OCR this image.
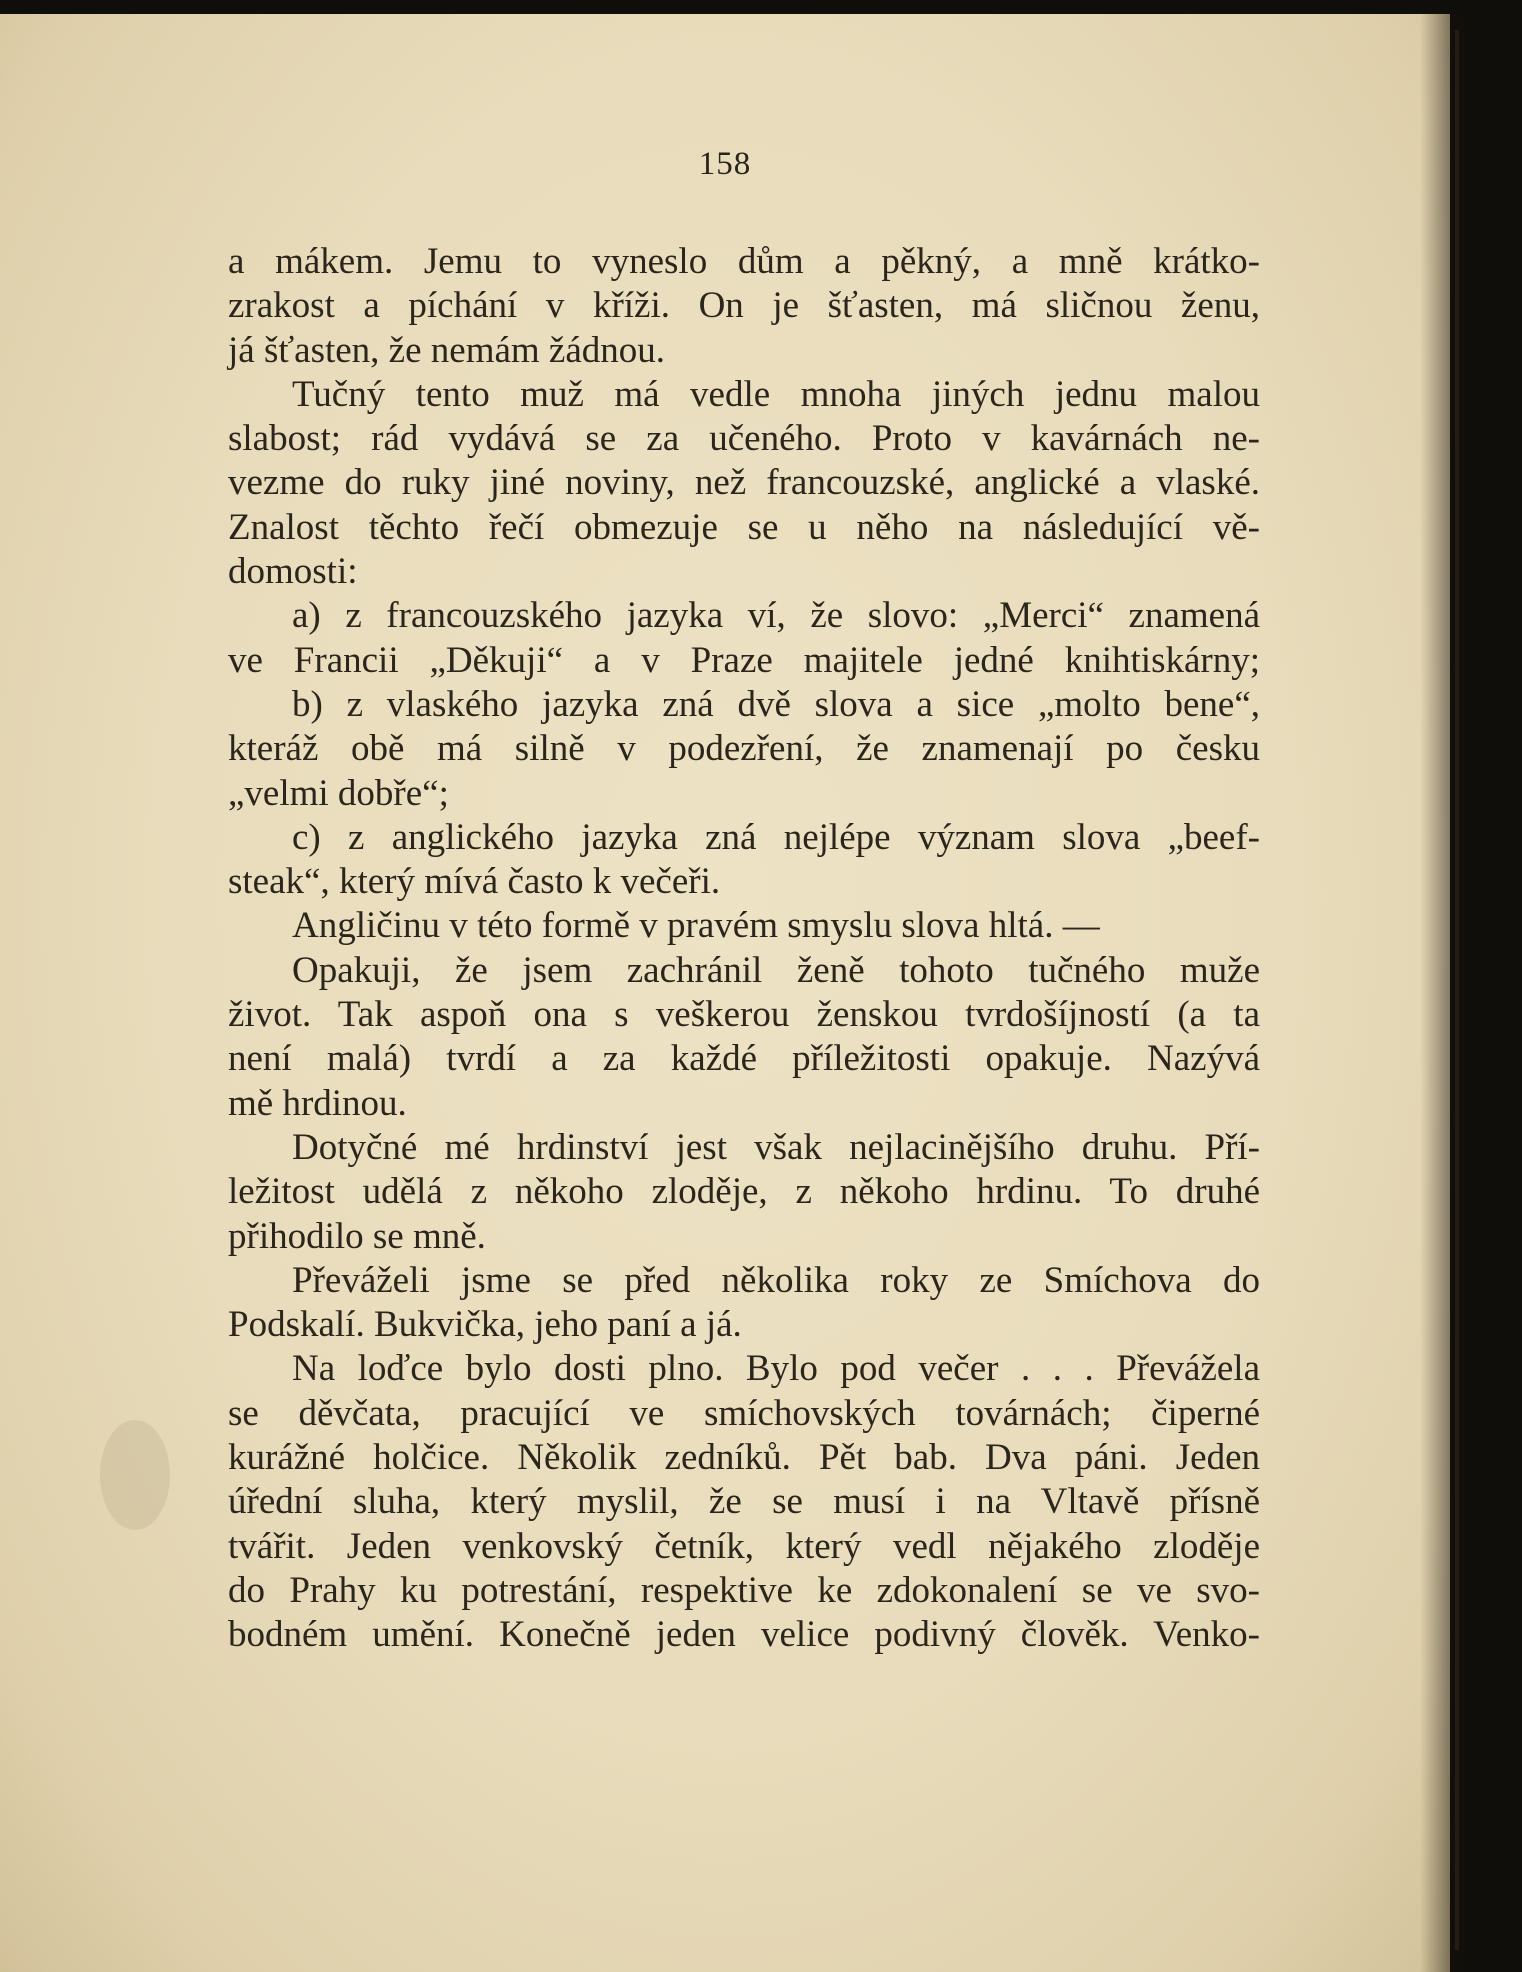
158
a mákem. Jemu to vyneslo dům a pěkný, a mně krátko-
zrakost a píchání v kříži. On je šťasten, má sličnou ženu,
já šťasten, že nemám žádnou.
Tučný tento muž má vedle mnoha jiných jednu malou
slabost; rád vydává se za učeného. Proto v kavárnách ne-
vezme do ruky jiné noviny, než francouzské, anglické a vlaské.
Znalost těchto řečí obmezuje se u něho na následující vě-
domosti:
a) z francouzského jazyka ví, že slovo: „Merci“ znamená
ve Francii „Děkuji“ a v Praze majitele jedné knihtiskárny;
b) z vlaského jazyka zná dvě slova a sice „molto bene“,
kteráž obě má silně v podezření, že znamenají po česku
„velmi dobře“;
c) z anglického jazyka zná nejlépe význam slova „beef-
steak“, který mívá často k večeři.
Angličinu v této formě v pravém smyslu slova hltá. —
Opakuji, že jsem zachránil ženě tohoto tučného muže
život. Tak aspoň ona s veškerou ženskou tvrdošíjností (a ta
není malá) tvrdí a za každé příležitosti opakuje. Nazývá
mě hrdinou.
Dotyčné mé hrdinství jest však nejlacinějšího druhu. Pří-
ležitost udělá z někoho zloděje, z někoho hrdinu. To druhé
přihodilo se mně.
Převáželi jsme se před několika roky ze Smíchova do
Podskalí. Bukvička, jeho paní a já.
Na loďce bylo dosti plno. Bylo pod večer . . . Převážela
se děvčata, pracující ve smíchovských továrnách; čiperné
kurážné holčice. Několik zedníků. Pět bab. Dva páni. Jeden
úřední sluha, který myslil, že se musí i na Vltavě přísně
tvářit. Jeden venkovský četník, který vedl nějakého zloděje
do Prahy ku potrestání, respektive ke zdokonalení se ve svo-
bodném umění. Konečně jeden velice podivný člověk. Venko-
